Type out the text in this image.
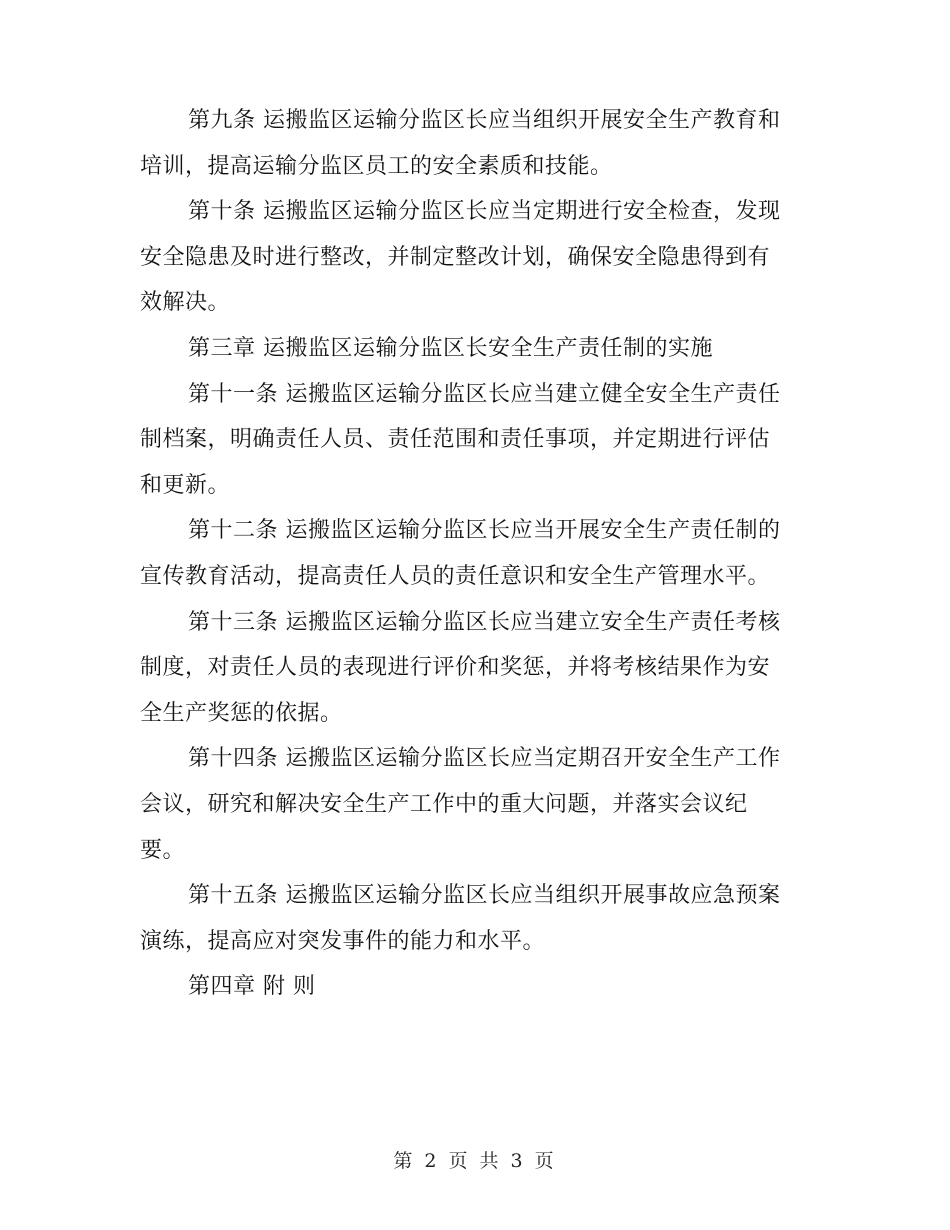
第九条 运搬监区运输分监区长应当组织开展安全生产教育和
培训，提高运输分监区员工的安全素质和技能。

第十条 运搬监区运输分监区长应当定期进行安全检查，发现
安全隐患及时进行整改，并制定整改计划，确保安全隐患得到有
效解决。

第三章 运搬监区运输分监区长安全生产责任制的实施

第十一条 运搬监区运输分监区长应当建立健全安全生产责任
制档案，明确责任人员、责任范围和责任事项，并定期进行评估
和更新。

第十二条 运搬监区运输分监区长应当开展安全生产责任制的
宣传教育活动，提高责任人员的责任意识和安全生产管理水平。

第十三条 运搬监区运输分监区长应当建立安全生产责任考核
制度，对责任人员的表现进行评价和奖惩，并将考核结果作为安
全生产奖惩的依据。

第十四条 运搬监区运输分监区长应当定期召开安全生产工作
会议，研究和解决安全生产工作中的重大问题，并落实会议纪
要。

第十五条 运搬监区运输分监区长应当组织开展事故应急预案
演练，提高应对突发事件的能力和水平。

第四章 附 则

第 2 页 共 3 页
